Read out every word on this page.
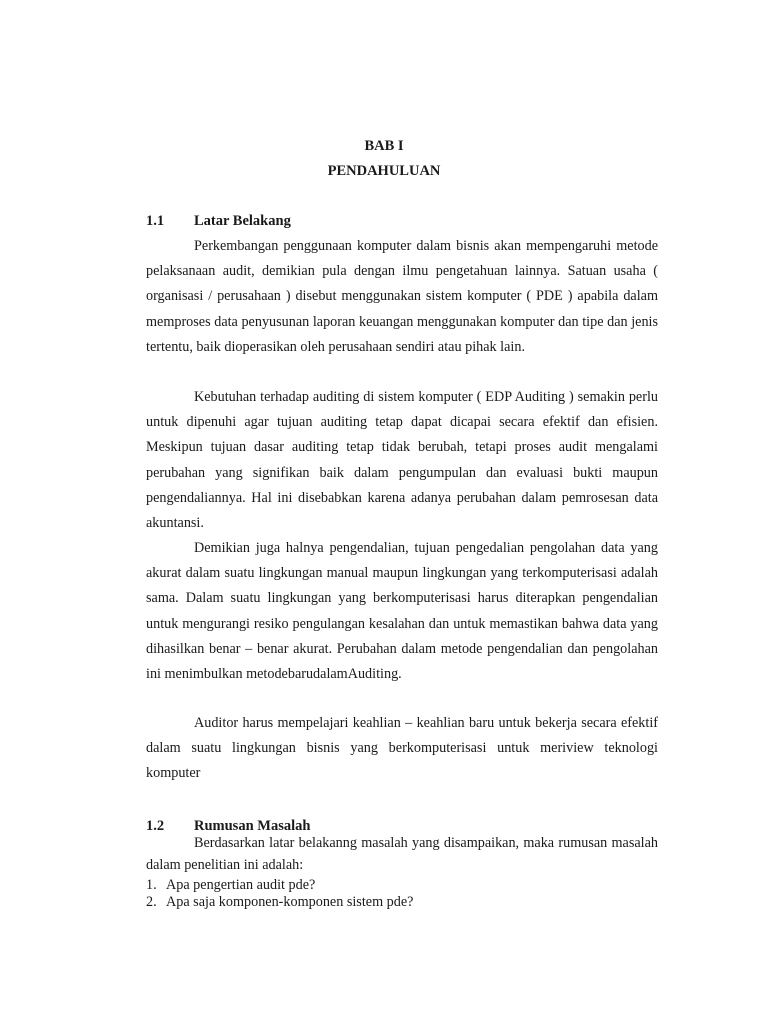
BAB I
PENDAHULUAN
1.1 Latar Belakang

Perkembangan penggunaan komputer dalam bisnis akan mempengaruhi metode pelaksanaan audit, demikian pula dengan ilmu pengetahuan lainnya. Satuan usaha ( organisasi / perusahaan ) disebut menggunakan sistem komputer ( PDE ) apabila dalam memproses data penyusunan laporan keuangan menggunakan komputer dan tipe dan jenis tertentu, baik dioperasikan oleh perusahaan sendiri atau pihak lain.

Kebutuhan terhadap auditing di sistem komputer ( EDP Auditing ) semakin perlu untuk dipenuhi agar tujuan auditing tetap dapat dicapai secara efektif dan efisien. Meskipun tujuan dasar auditing tetap tidak berubah, tetapi proses audit mengalami perubahan yang signifikan baik dalam pengumpulan dan evaluasi bukti maupun pengendaliannya. Hal ini disebabkan karena adanya perubahan dalam pemrosesan data akuntansi.

Demikian juga halnya pengendalian, tujuan pengedalian pengolahan data yang akurat dalam suatu lingkungan manual maupun lingkungan yang terkomputerisasi adalah sama. Dalam suatu lingkungan yang berkomputerisasi harus diterapkan pengendalian untuk mengurangi resiko pengulangan kesalahan dan untuk memastikan bahwa data yang dihasilkan benar – benar akurat. Perubahan dalam metode pengendalian dan pengolahan ini menimbulkan metodebarudalamAuditing.

Auditor harus mempelajari keahlian – keahlian baru untuk bekerja secara efektif dalam suatu lingkungan bisnis yang berkomputerisasi untuk meriview teknologi komputer

1.2 Rumusan Masalah

Berdasarkan latar belakanng masalah yang disampaikan, maka rumusan masalah dalam penelitian ini adalah:

1. Apa pengertian audit pde?
2. Apa saja komponen-komponen sistem pde?
